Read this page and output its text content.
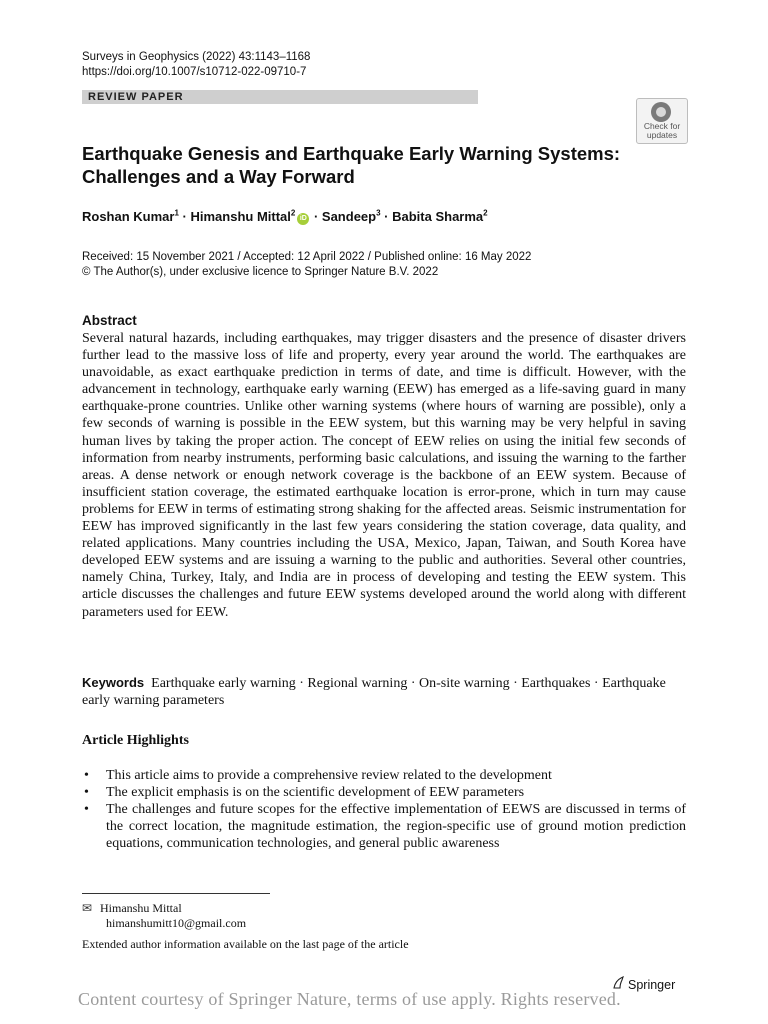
Surveys in Geophysics (2022) 43:1143–1168
https://doi.org/10.1007/s10712-022-09710-7
REVIEW PAPER
Check for
updates
Earthquake Genesis and Earthquake Early Warning Systems:
Challenges and a Way Forward
Roshan Kumar$^1$ · Himanshu Mittal$^2$iD · Sandeep$^3$ · Babita Sharma$^2$
Received: 15 November 2021 / Accepted: 12 April 2022 / Published online: 16 May 2022
© The Author(s), under exclusive licence to Springer Nature B.V. 2022
Abstract
Several natural hazards, including earthquakes, may trigger disasters and the presence of disaster drivers further lead to the massive loss of life and property, every year around the world. The earthquakes are unavoidable, as exact earthquake prediction in terms of date, and time is difficult. However, with the advancement in technology, earthquake early warning (EEW) has emerged as a life-saving guard in many earthquake-prone countries. Unlike other warning systems (where hours of warning are possible), only a few seconds of warning is possible in the EEW system, but this warning may be very helpful in saving human lives by taking the proper action. The concept of EEW relies on using the initial few seconds of information from nearby instruments, performing basic calculations, and issuing the warning to the farther areas. A dense network or enough network coverage is the backbone of an EEW system. Because of insufficient station coverage, the estimated earthquake location is error-prone, which in turn may cause problems for EEW in terms of estimating strong shaking for the affected areas. Seismic instrumentation for EEW has improved significantly in the last few years considering the station coverage, data quality, and related applications. Many countries including the USA, Mexico, Japan, Taiwan, and South Korea have developed EEW systems and are issuing a warning to the public and authorities. Several other countries, namely China, Turkey, Italy, and India are in process of developing and testing the EEW system. This article discusses the challenges and future EEW systems developed around the world along with different parameters used for EEW.
Keywords Earthquake early warning · Regional warning · On-site warning · Earthquakes · Earthquake early warning parameters
Article Highlights
• This article aims to provide a comprehensive review related to the development
• The explicit emphasis is on the scientific development of EEW parameters
• The challenges and future scopes for the effective implementation of EEWS are discussed in terms of the correct location, the magnitude estimation, the region-specific use of ground motion prediction equations, communication technologies, and general public awareness
✉ Himanshu Mittal
himanshumitt10@gmail.com
Extended author information available on the last page of the article
Springer
Content courtesy of Springer Nature, terms of use apply. Rights reserved.
